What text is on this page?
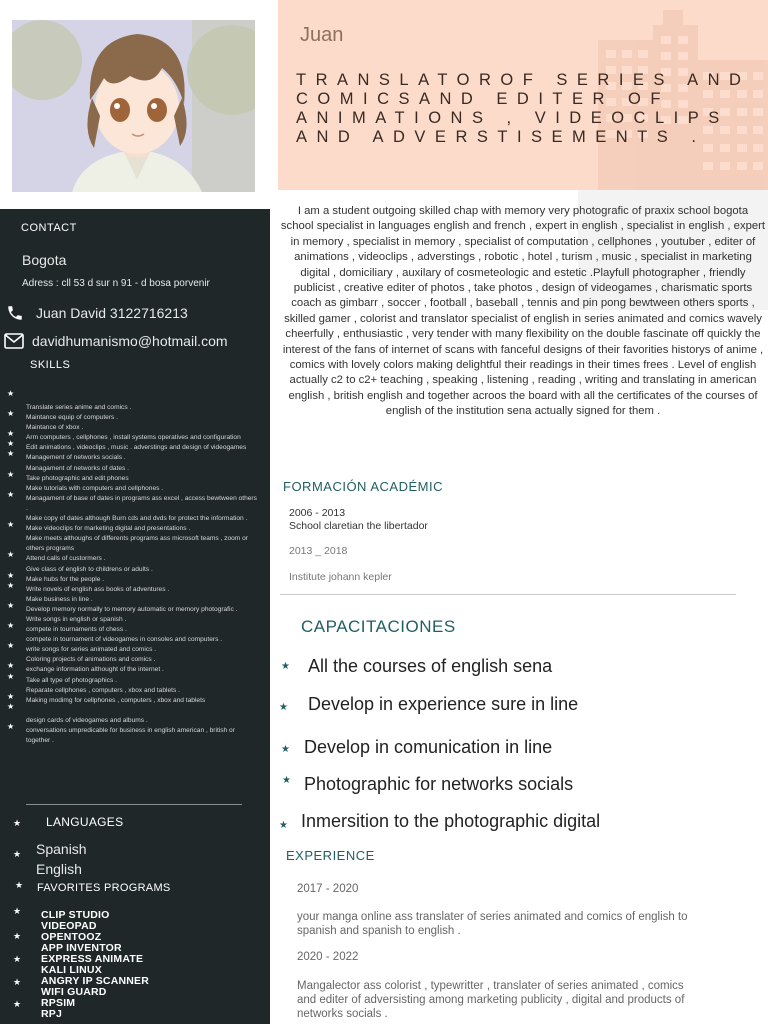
CONTACT
Bogota
Adress : cll 53 d sur n 91 - d bosa porvenir
Juan David 3122716213
davidhumanismo@hotmail.com
SKILLS
★
Translate series anime and comics .
★ Maintance equip of computers .
Maintance of xbox .
★ Arm computers , cellphones , install systems operatives and configuration
★ Edit animations , videoclips , music . adverstings and design of videogames
★ Management of networks socials .
Managament of networks of dates .
★ Take photographic and edit phones
Make tutorials with computers and cellphones .
★ Managament of base of dates in programs ass excel , access bewtween others .
Make copy of dates although Burn cds and dvds for protect the information .
★ Make videoclips for marketing digital and presentations .
Make meets althoughs of differents programs ass microsoft teams , zoom or others programs
★ Attend calls of custormers .
Give class of english to childrens or adults .
★ Make hubs for the people .
★ Write novels of english ass books of adventures .
Make business in line .
★ Develop memory normally to memory automatic or memory photografic .
Write songs in english or spanish .
★ compete in tournaments of chess .
compete in tournament of videogames in consoles and computers .
★ write songs for series animated and comics .
Coloring projects of animations and comics .
★ exchange information althought of the internet .
★ Take all type of photographics .
Reparate cellphones , computers , xbox and tablets .
★ Making modimg for cellphones , computers , xbox and tablets
★
design cards of videogames and albums .
★ conversations umpredicable for business in english american , british or together .
★ LANGUAGES
★ Spanish
English
★ FAVORITES PROGRAMS
★
★
★
★
★
CLIP STUDIO
VIDEOPAD
OPENTOOZ
APP INVENTOR
EXPRESS ANIMATE
KALI LINUX
ANGRY IP SCANNER
WIFI GUARD
RPSIM
RPJ
Juan
TRANSLATOROF SERIES AND COMICSAND EDITER OF ANIMATIONS , VIDEOCLIPS AND ADVERSTISEMENTS .
I am a student outgoing skilled chap with memory very photografic of praxix school bogota school specialist in languages english and french , expert in english , specialist in english , expert in memory , specialist in memory , specialist of computation , cellphones , youtuber , editer of animations , videoclips , adverstings , robotic , hotel , turism , music , specialist in marketing digital , domiciliary , auxilary of cosmeteologic and estetic .Playfull photographer , friendly publicist , creative editer of photos , take photos , design of videogames , charismatic sports coach as gimbarr , soccer , football , baseball , tennis and pin pong bewtween others sports , skilled gamer , colorist and translator specialist of english in series animated and comics wavely cheerfully , enthusiastic , very tender with many flexibility on the double fascinate off quickly the interest of the fans of internet of scans with fanceful designs of their favorities historys of anime , comics with lovely colors making delightful their readings in their times frees . Level of english actually c2 to c2+ teaching , speaking , listening , reading , writing and translating in american english , british english and together acroos the board with all the certificates of the courses of english of the institution sena actually signed for them .
FORMACIÓN ACADÉMIC
2006 - 2013
School claretian the libertador
2013 _ 2018
Institute johann kepler
CAPACITACIONES
★ All the courses of english sena
★ Develop in experience sure in line
★ Develop in comunication in line
★ Photographic for networks socials
★ Inmersition to the photographic digital
EXPERIENCE
2017 - 2020
your manga online ass translater of series animated and comics of english to spanish and spanish to english .
2020 - 2022
Mangalector ass colorist , typewritter , translater of series animated , comics and editer of adversisting among marketing publicity , digital and products of networks socials .
